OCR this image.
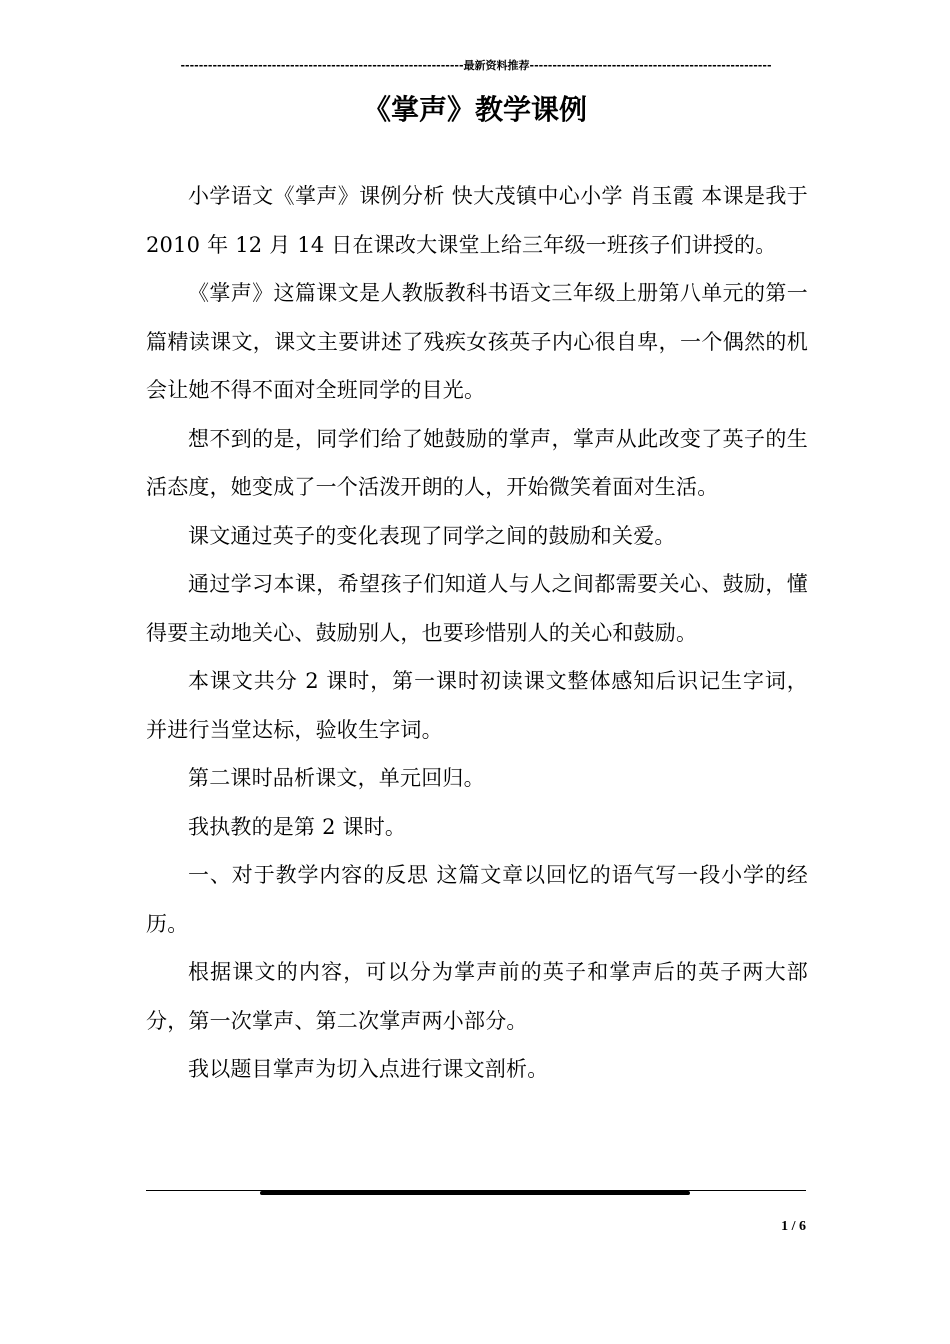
--------------------------------------------------------------最新资料推荐-----------------------------------------------------
《掌声》教学课例

小学语文《掌声》课例分析 快大茂镇中心小学 肖玉霞 本课是我于 2010 年 12 月 14 日在课改大课堂上给三年级一班孩子们讲授的。

《掌声》这篇课文是人教版教科书语文三年级上册第八单元的第一篇精读课文，课文主要讲述了残疾女孩英子内心很自卑，一个偶然的机会让她不得不面对全班同学的目光。

想不到的是，同学们给了她鼓励的掌声，掌声从此改变了英子的生活态度，她变成了一个活泼开朗的人，开始微笑着面对生活。

课文通过英子的变化表现了同学之间的鼓励和关爱。

通过学习本课，希望孩子们知道人与人之间都需要关心、鼓励，懂得要主动地关心、鼓励别人，也要珍惜别人的关心和鼓励。

本课文共分 2 课时，第一课时初读课文整体感知后识记生字词，并进行当堂达标，验收生字词。

第二课时品析课文，单元回归。

我执教的是第 2 课时。

一、对于教学内容的反思 这篇文章以回忆的语气写一段小学的经历。

根据课文的内容，可以分为掌声前的英子和掌声后的英子两大部分，第一次掌声、第二次掌声两小部分。

我以题目掌声为切入点进行课文剖析。

1 / 6
